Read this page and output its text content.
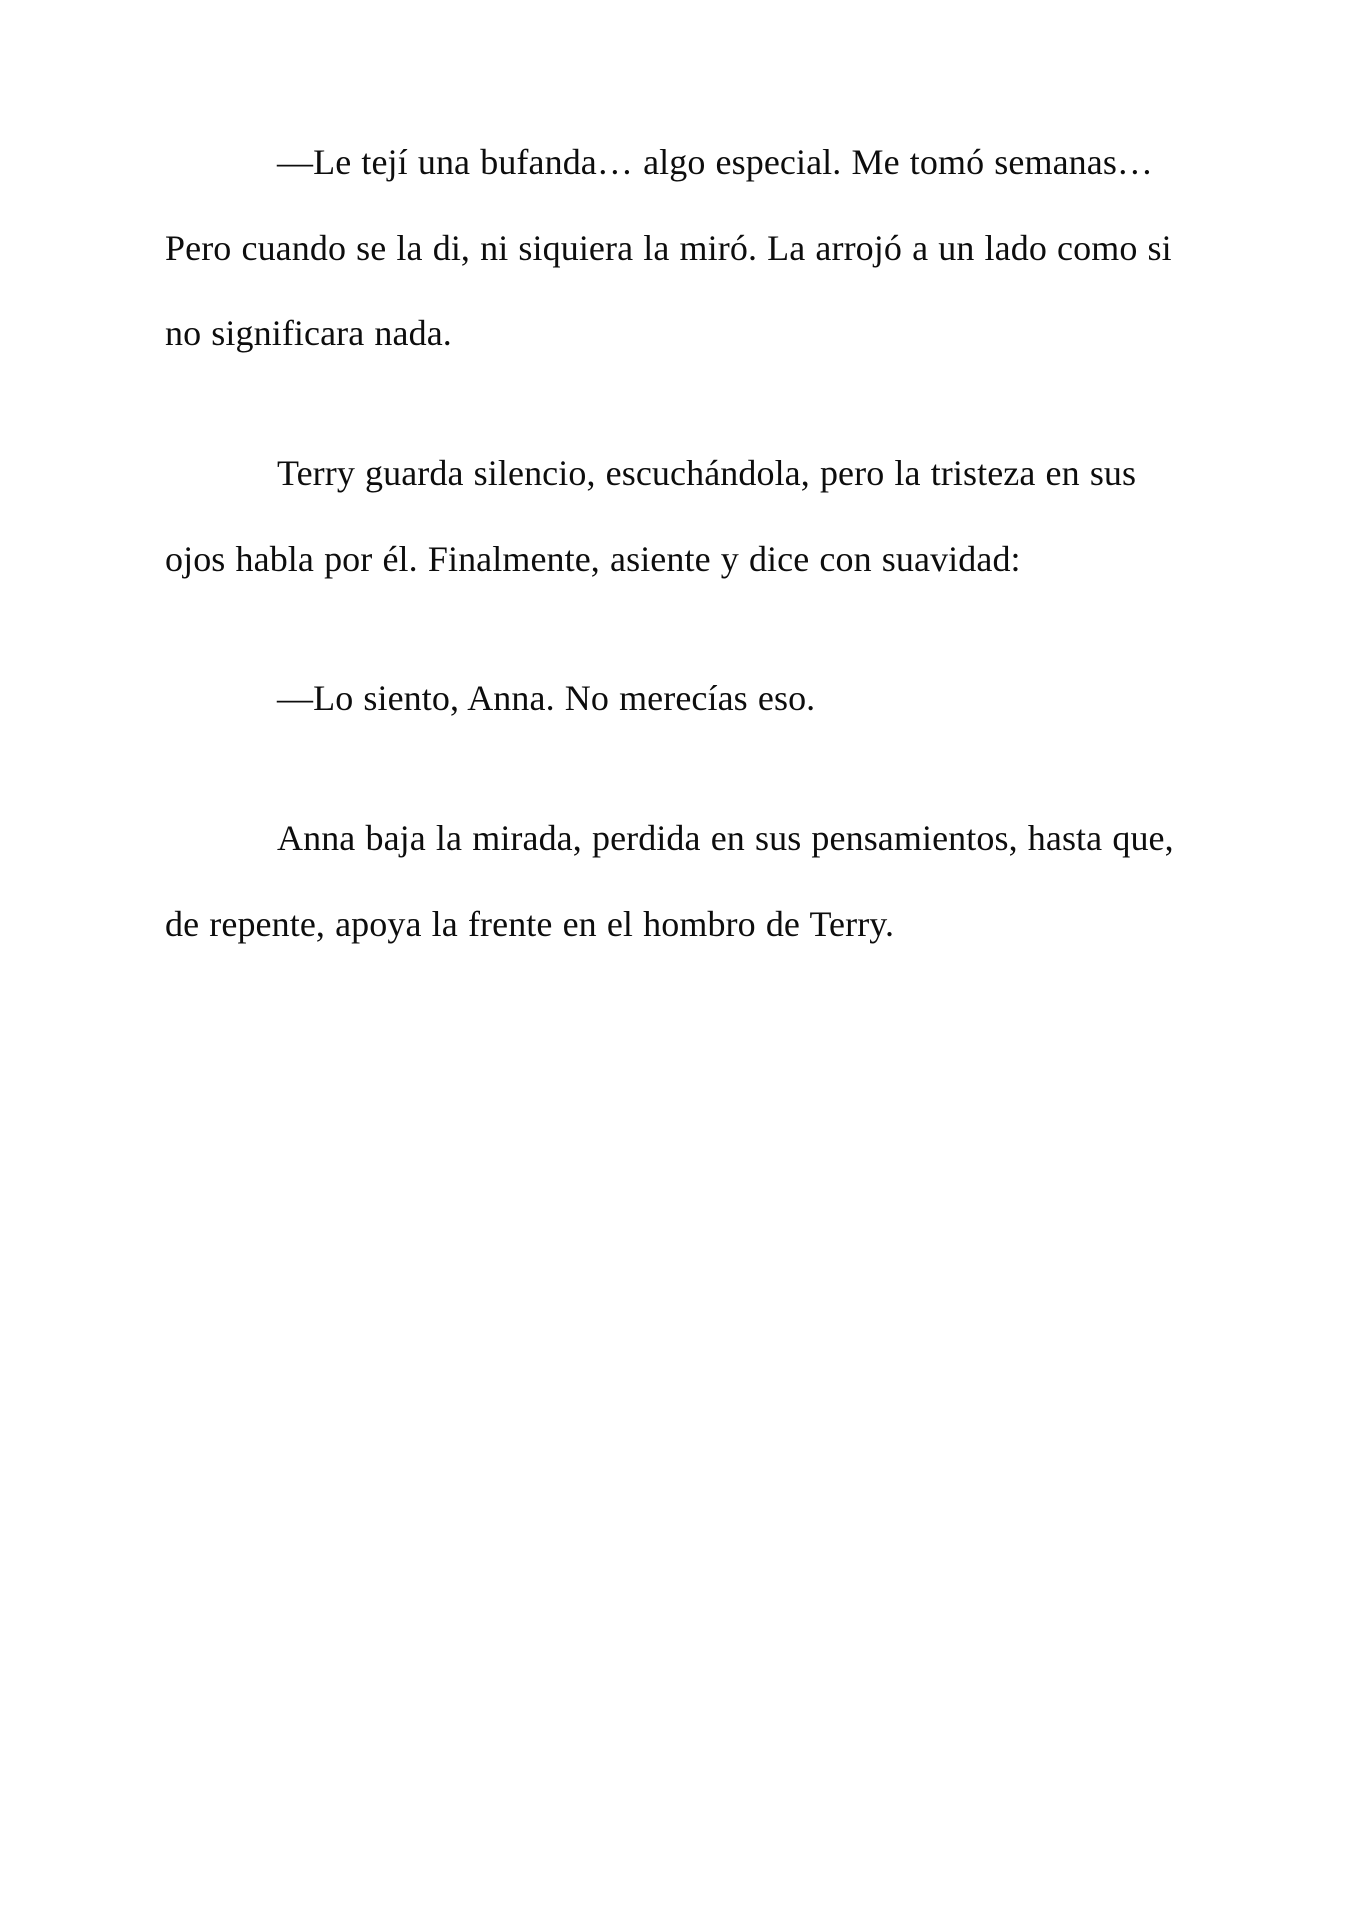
—Le tejí una bufanda… algo especial. Me tomó semanas… Pero cuando se la di, ni siquiera la miró. La arrojó a un lado como si no significara nada.

Terry guarda silencio, escuchándola, pero la tristeza en sus ojos habla por él. Finalmente, asiente y dice con suavidad:

—Lo siento, Anna. No merecías eso.

Anna baja la mirada, perdida en sus pensamientos, hasta que, de repente, apoya la frente en el hombro de Terry.
